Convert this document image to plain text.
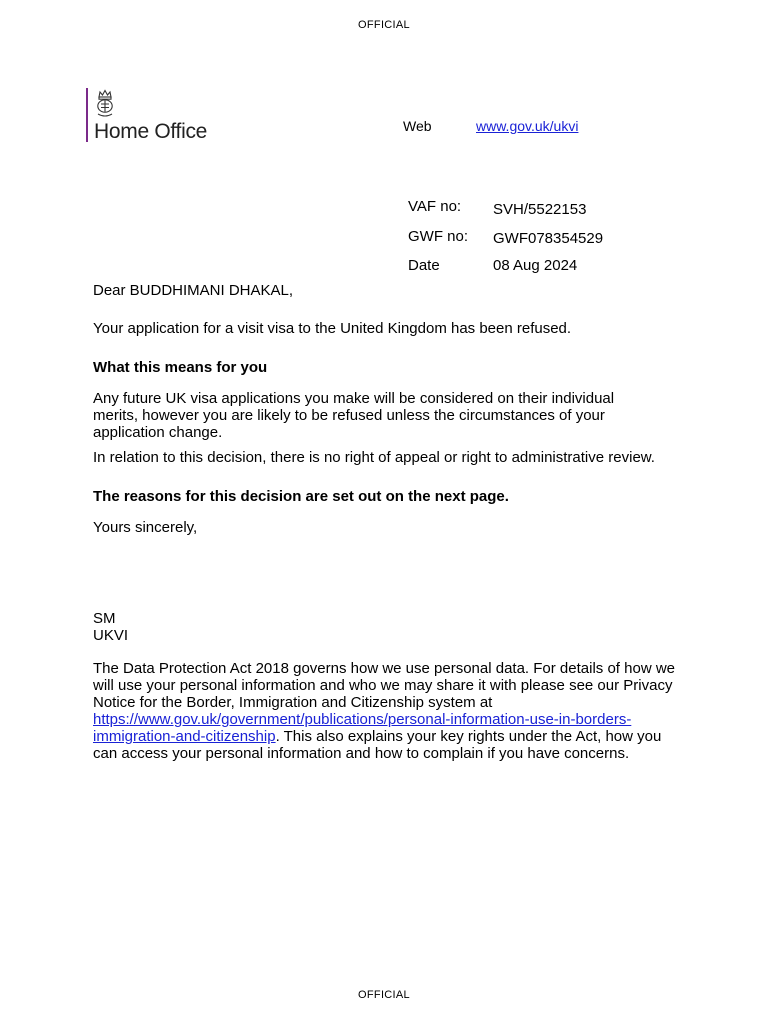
OFFICIAL
Home Office	Web	www.gov.uk/ukvi
VAF no: SVH/5522153
GWF no: GWF078354529
Date	08 Aug 2024
Dear BUDDHIMANI DHAKAL,
Your application for a visit visa to the United Kingdom has been refused.
What this means for you
Any future UK visa applications you make will be considered on their individual merits, however you are likely to be refused unless the circumstances of your application change.
In relation to this decision, there is no right of appeal or right to administrative review.
The reasons for this decision are set out on the next page.
Yours sincerely,
SM
UKVI
The Data Protection Act 2018 governs how we use personal data. For details of how we will use your personal information and who we may share it with please see our Privacy Notice for the Border, Immigration and Citizenship system at https://www.gov.uk/government/publications/personal-information-use-in-borders-immigration-and-citizenship. This also explains your key rights under the Act, how you can access your personal information and how to complain if you have concerns.
OFFICIAL
